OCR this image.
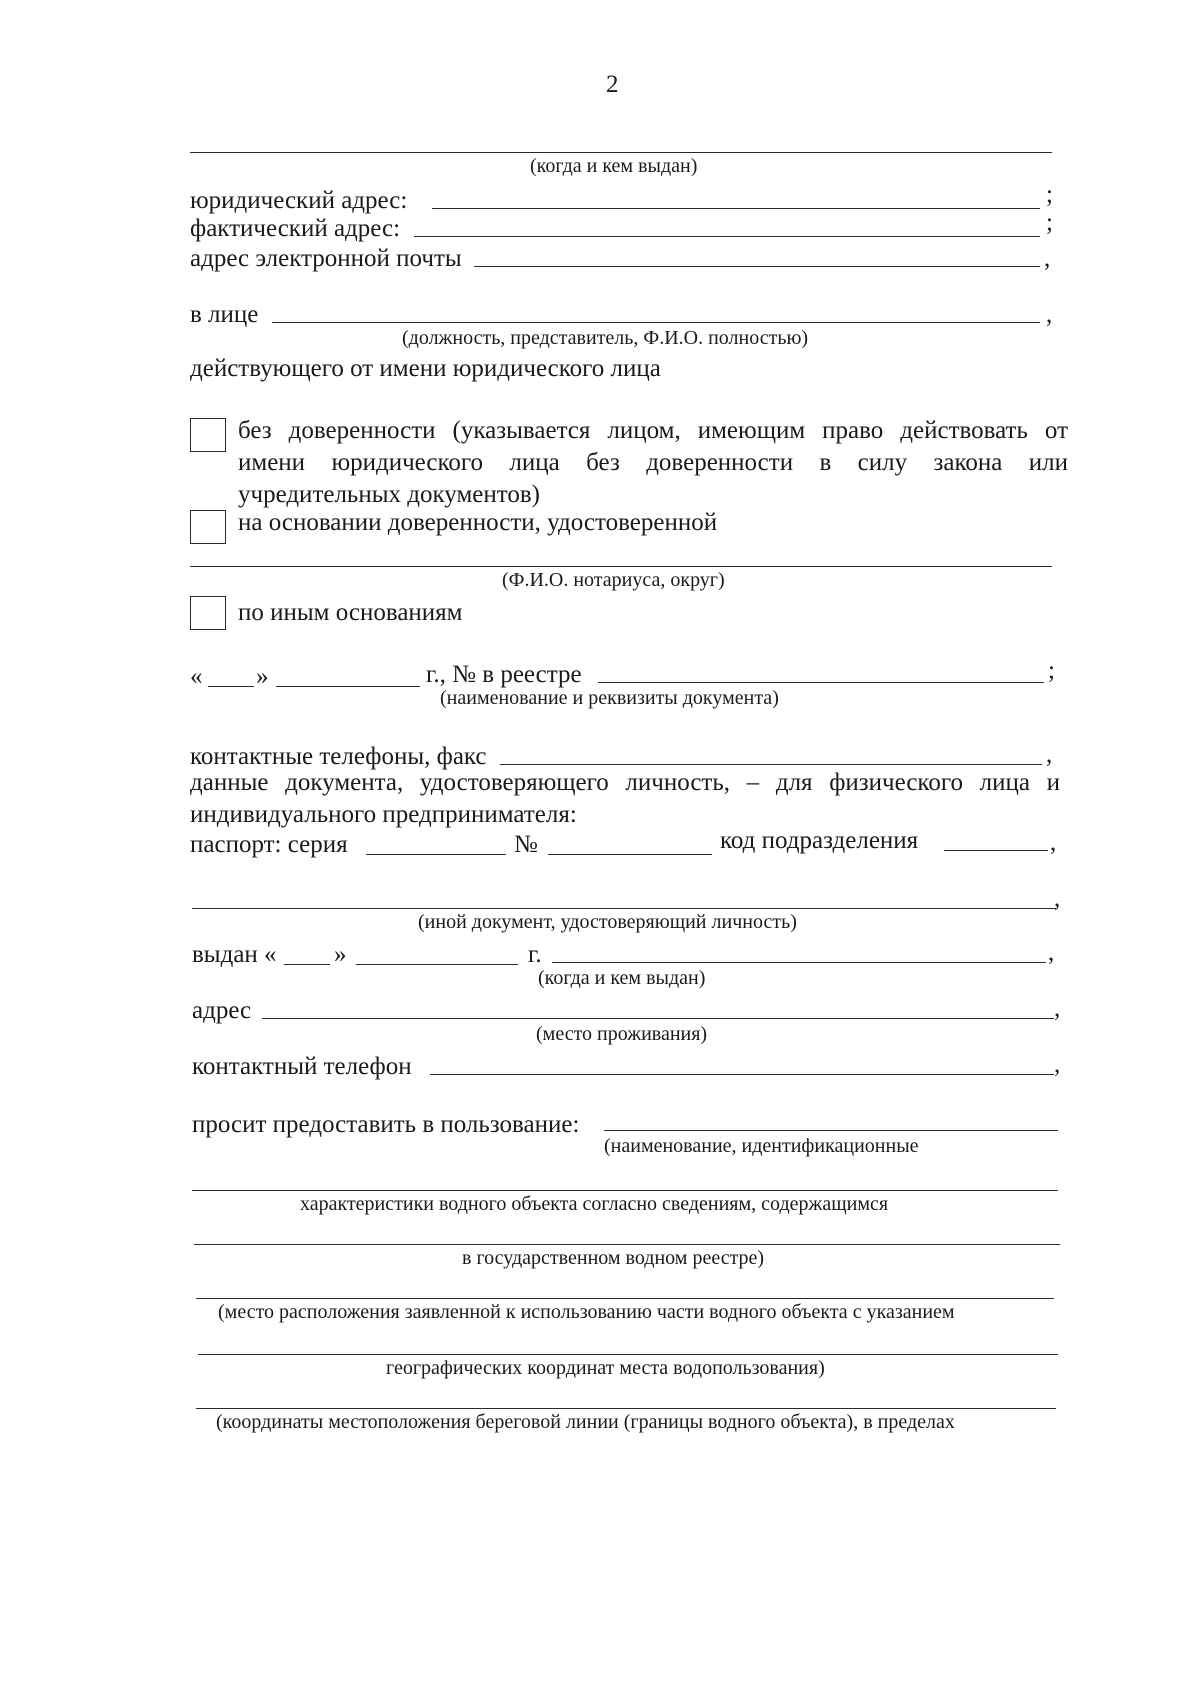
2
(когда и кем выдан)
юридический адрес:	;
фактический адрес:	;
адрес электронной почты	,
в лице	,
(должность, представитель, Ф.И.О. полностью)
действующего от имени юридического лица
без доверенности (указывается лицом, имеющим право действовать от
имени юридического лица без доверенности в силу закона или
учредительных документов)
на основании доверенности, удостоверенной
(Ф.И.О. нотариуса, округ)
по иным основаниям
« »	г., № в реестре	;
(наименование и реквизиты документа)
контактные телефоны, факс	,
данные документа, удостоверяющего личность, – для физического лица и
индивидуального предпринимателя:
паспорт: серия	№	код подразделения	,
,
(иной документ, удостоверяющий личность)
выдан « »	г.	,
(когда и кем выдан)
адрес	,
(место проживания)
контактный телефон	,
просит предоставить в пользование:
(наименование, идентификационные
характеристики водного объекта согласно сведениям, содержащимся
в государственном водном реестре)
(место расположения заявленной к использованию части водного объекта с указанием
географических координат места водопользования)
(координаты местоположения береговой линии (границы водного объекта), в пределах
